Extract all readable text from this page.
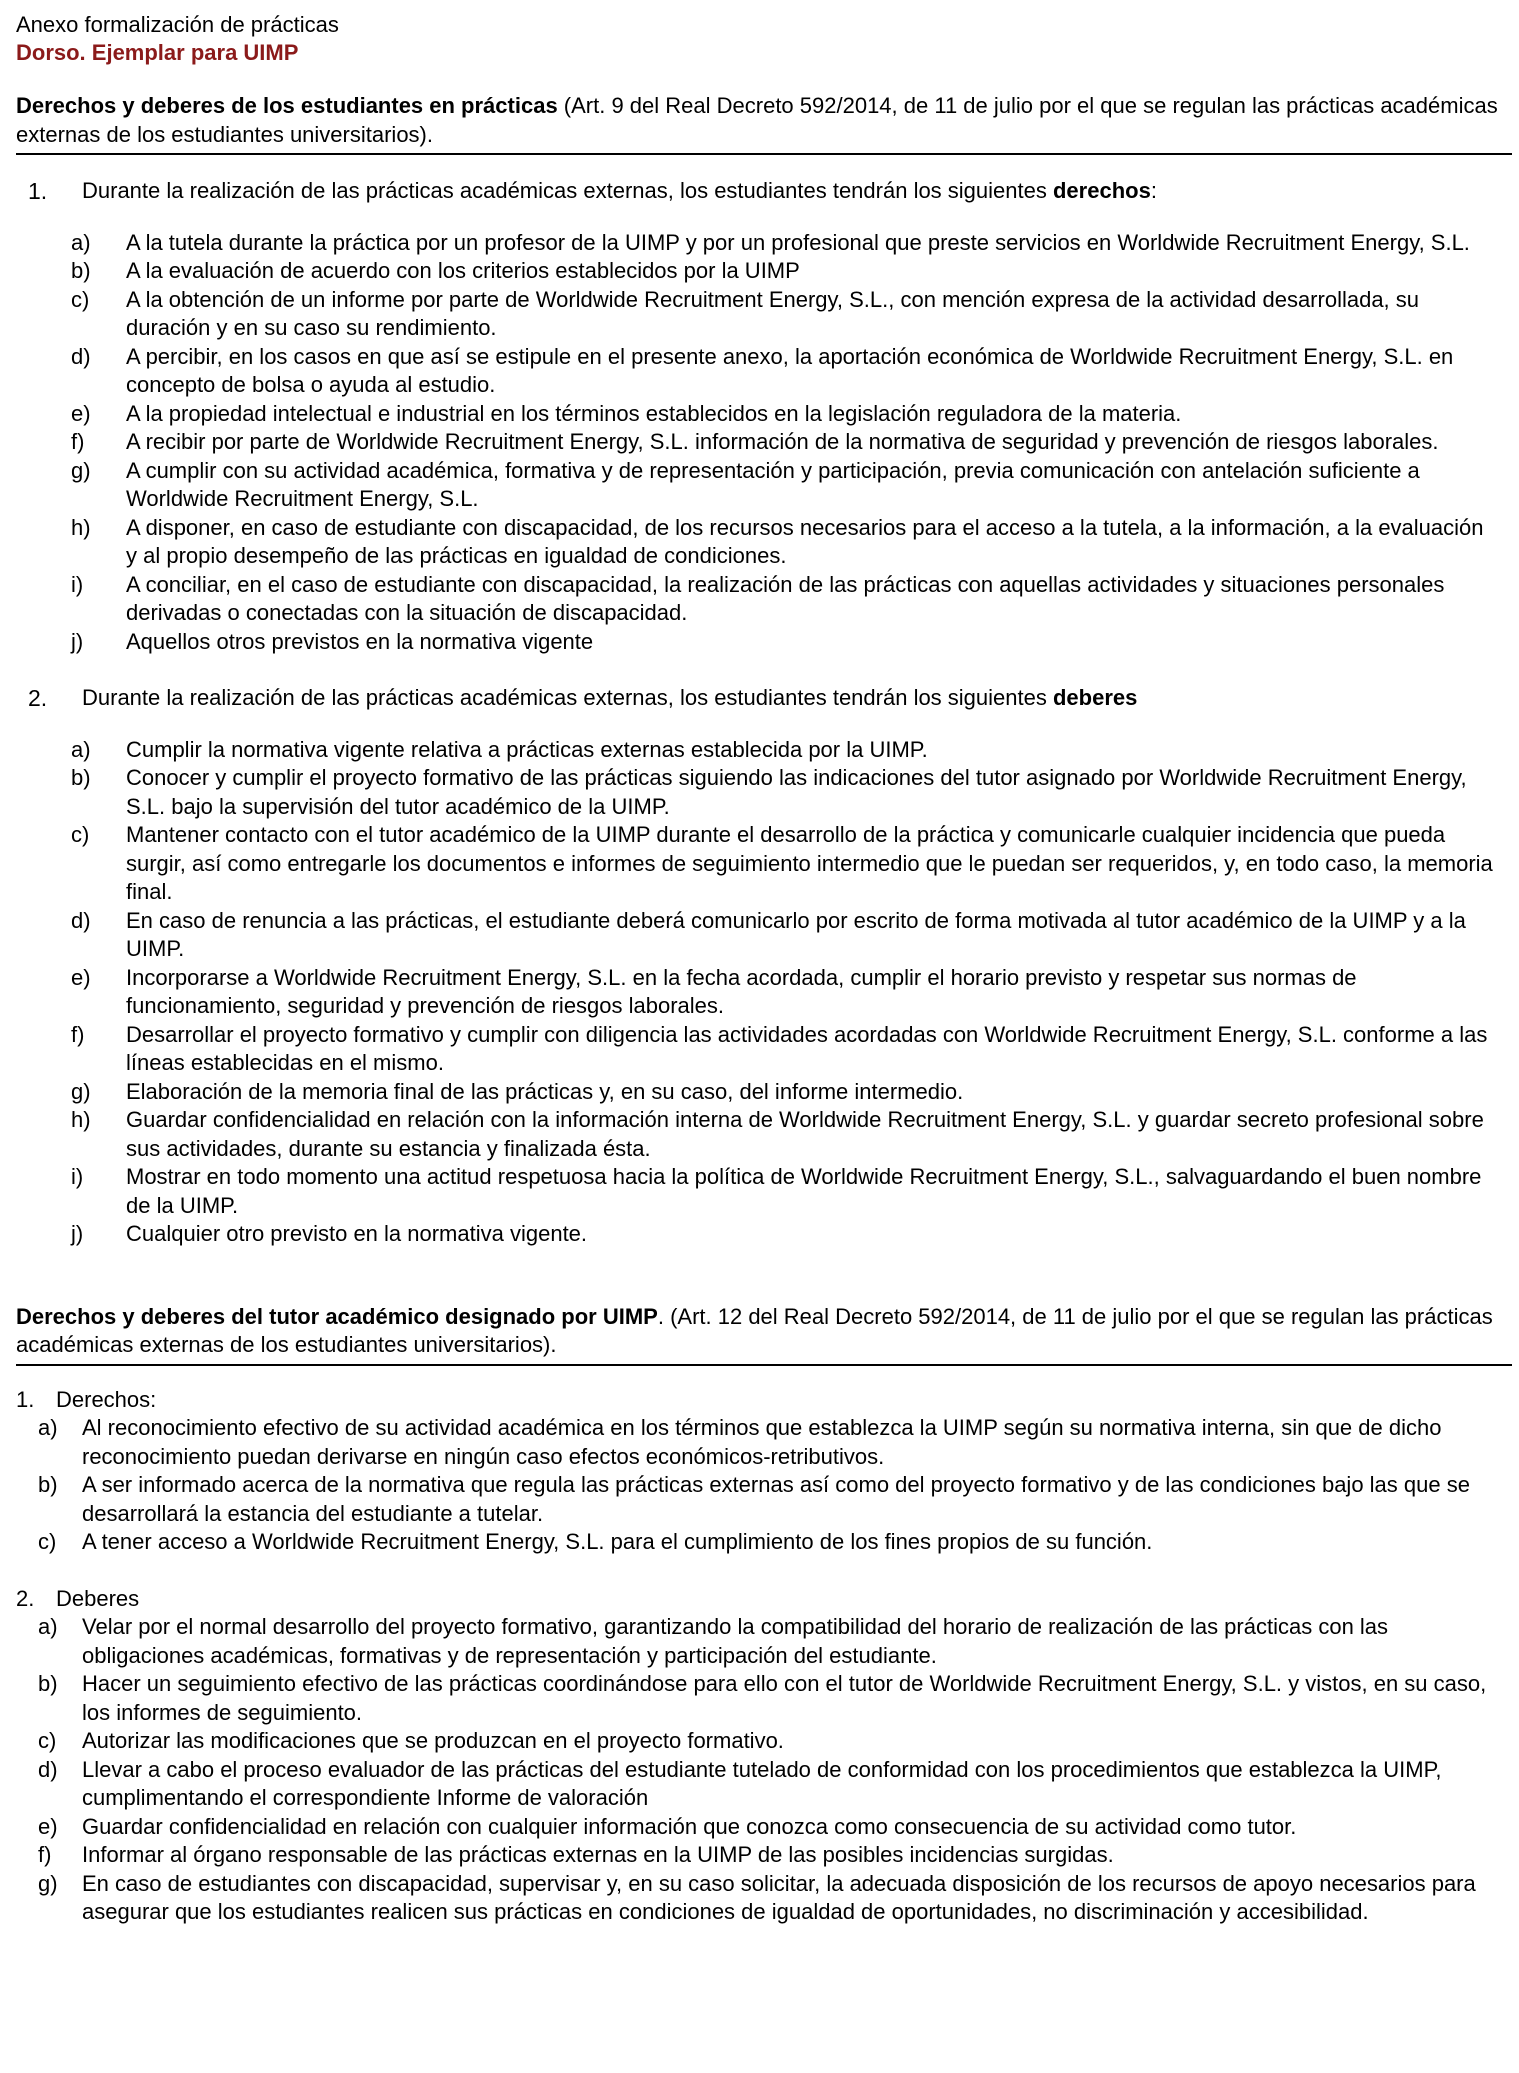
Anexo formalización de prácticas
Dorso. Ejemplar para UIMP
Derechos y deberes de los estudiantes en prácticas (Art. 9 del Real Decreto 592/2014, de 11 de julio por el que se regulan las prácticas académicas externas de los estudiantes universitarios).
1. Durante la realización de las prácticas académicas externas, los estudiantes tendrán los siguientes derechos:
a) A la tutela durante la práctica por un profesor de la UIMP y por un profesional que preste servicios en Worldwide Recruitment Energy, S.L.
b) A la evaluación de acuerdo con los criterios establecidos por la UIMP
c) A la obtención de un informe por parte de Worldwide Recruitment Energy, S.L., con mención expresa de la actividad desarrollada, su duración y en su caso su rendimiento.
d) A percibir, en los casos en que así se estipule en el presente anexo, la aportación económica de Worldwide Recruitment Energy, S.L. en concepto de bolsa o ayuda al estudio.
e) A la propiedad intelectual e industrial en los términos establecidos en la legislación reguladora de la materia.
f) A recibir por parte de Worldwide Recruitment Energy, S.L. información de la normativa de seguridad y prevención de riesgos laborales.
g) A cumplir con su actividad académica, formativa y de representación y participación, previa comunicación con antelación suficiente a Worldwide Recruitment Energy, S.L.
h) A disponer, en caso de estudiante con discapacidad, de los recursos necesarios para el acceso a la tutela, a la información, a la evaluación y al propio desempeño de las prácticas en igualdad de condiciones.
i) A conciliar, en el caso de estudiante con discapacidad, la realización de las prácticas con aquellas actividades y situaciones personales derivadas o conectadas con la situación de discapacidad.
j) Aquellos otros previstos en la normativa vigente
2. Durante la realización de las prácticas académicas externas, los estudiantes tendrán los siguientes deberes
a) Cumplir la normativa vigente relativa a prácticas externas establecida por la UIMP.
b) Conocer y cumplir el proyecto formativo de las prácticas siguiendo las indicaciones del tutor asignado por Worldwide Recruitment Energy, S.L. bajo la supervisión del tutor académico de la UIMP.
c) Mantener contacto con el tutor académico de la UIMP durante el desarrollo de la práctica y comunicarle cualquier incidencia que pueda surgir, así como entregarle los documentos e informes de seguimiento intermedio que le puedan ser requeridos, y, en todo caso, la memoria final.
d) En caso de renuncia a las prácticas, el estudiante deberá comunicarlo por escrito de forma motivada al tutor académico de la UIMP y a la UIMP.
e) Incorporarse a Worldwide Recruitment Energy, S.L. en la fecha acordada, cumplir el horario previsto y respetar sus normas de funcionamiento, seguridad y prevención de riesgos laborales.
f) Desarrollar el proyecto formativo y cumplir con diligencia las actividades acordadas con Worldwide Recruitment Energy, S.L. conforme a las líneas establecidas en el mismo.
g) Elaboración de la memoria final de las prácticas y, en su caso, del informe intermedio.
h) Guardar confidencialidad en relación con la información interna de Worldwide Recruitment Energy, S.L. y guardar secreto profesional sobre sus actividades, durante su estancia y finalizada ésta.
i) Mostrar en todo momento una actitud respetuosa hacia la política de Worldwide Recruitment Energy, S.L., salvaguardando el buen nombre de la UIMP.
j) Cualquier otro previsto en la normativa vigente.
Derechos y deberes del tutor académico designado por UIMP. (Art. 12 del Real Decreto 592/2014, de 11 de julio por el que se regulan las prácticas académicas externas de los estudiantes universitarios).
1. Derechos:
a) Al reconocimiento efectivo de su actividad académica en los términos que establezca la UIMP según su normativa interna, sin que de dicho reconocimiento puedan derivarse en ningún caso efectos económicos-retributivos.
b) A ser informado acerca de la normativa que regula las prácticas externas así como del proyecto formativo y de las condiciones bajo las que se desarrollará la estancia del estudiante a tutelar.
c) A tener acceso a Worldwide Recruitment Energy, S.L. para el cumplimiento de los fines propios de su función.
2. Deberes
a) Velar por el normal desarrollo del proyecto formativo, garantizando la compatibilidad del horario de realización de las prácticas con las obligaciones académicas, formativas y de representación y participación del estudiante.
b) Hacer un seguimiento efectivo de las prácticas coordinándose para ello con el tutor de Worldwide Recruitment Energy, S.L. y vistos, en su caso, los informes de seguimiento.
c) Autorizar las modificaciones que se produzcan en el proyecto formativo.
d) Llevar a cabo el proceso evaluador de las prácticas del estudiante tutelado de conformidad con los procedimientos que establezca la UIMP, cumplimentando el correspondiente Informe de valoración
e) Guardar confidencialidad en relación con cualquier información que conozca como consecuencia de su actividad como tutor.
f) Informar al órgano responsable de las prácticas externas en la UIMP de las posibles incidencias surgidas.
g) En caso de estudiantes con discapacidad, supervisar y, en su caso solicitar, la adecuada disposición de los recursos de apoyo necesarios para asegurar que los estudiantes realicen sus prácticas en condiciones de igualdad de oportunidades, no discriminación y accesibilidad.
